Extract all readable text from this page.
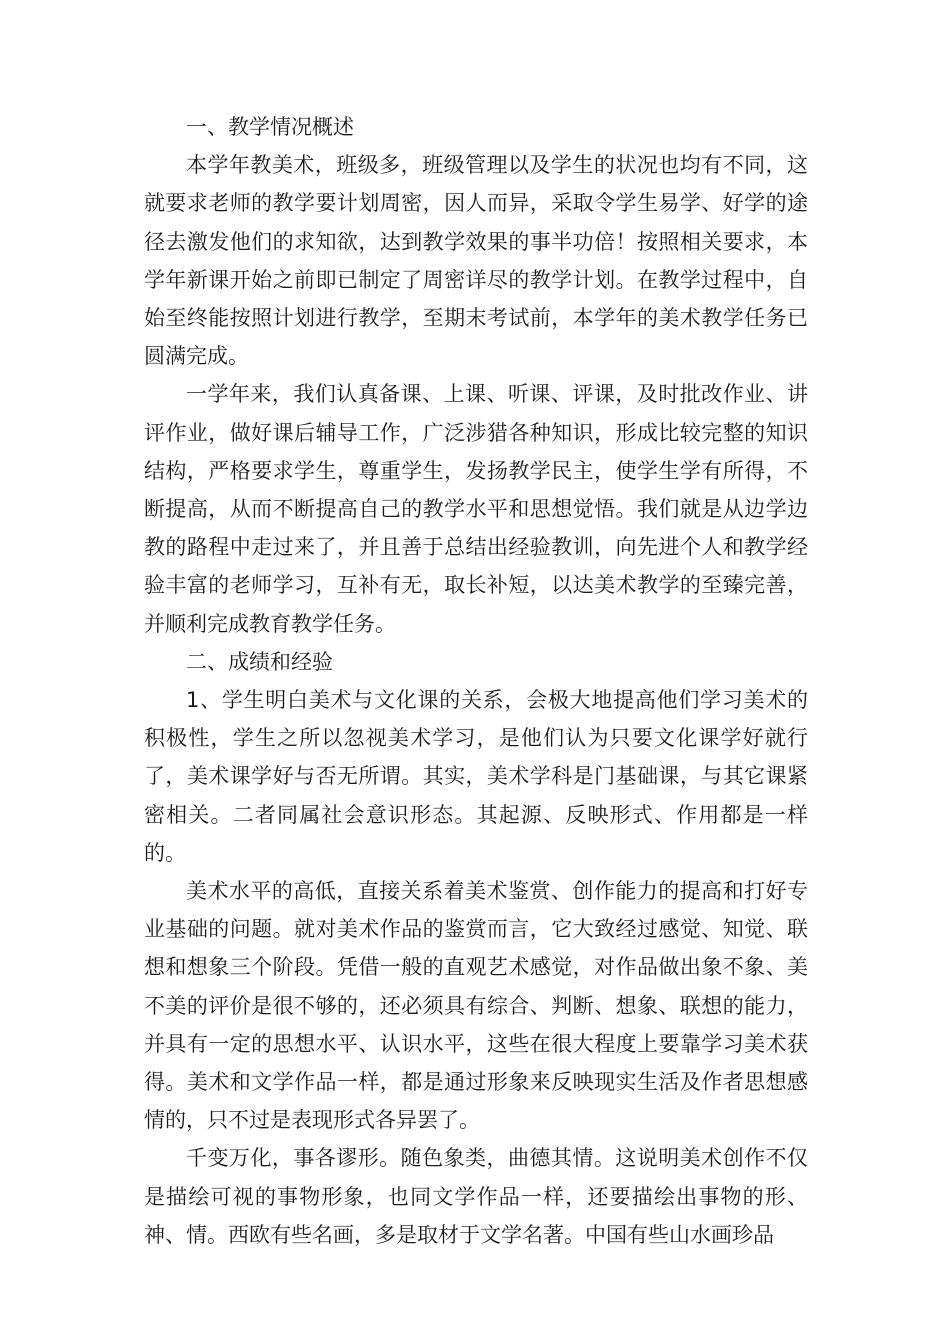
一、教学情况概述

本学年教美术，班级多，班级管理以及学生的状况也均有不同，这就要求老师的教学要计划周密，因人而异，采取令学生易学、好学的途径去激发他们的求知欲，达到教学效果的事半功倍！按照相关要求，本学年新课开始之前即已制定了周密详尽的教学计划。在教学过程中，自始至终能按照计划进行教学，至期末考试前，本学年的美术教学任务已圆满完成。

一学年来，我们认真备课、上课、听课、评课，及时批改作业、讲评作业，做好课后辅导工作，广泛涉猎各种知识，形成比较完整的知识结构，严格要求学生，尊重学生，发扬教学民主，使学生学有所得，不断提高，从而不断提高自己的教学水平和思想觉悟。我们就是从边学边教的路程中走过来了，并且善于总结出经验教训，向先进个人和教学经验丰富的老师学习，互补有无，取长补短，以达美术教学的至臻完善，并顺利完成教育教学任务。

二、成绩和经验

1、学生明白美术与文化课的关系，会极大地提高他们学习美术的积极性，学生之所以忽视美术学习，是他们认为只要文化课学好就行了，美术课学好与否无所谓。其实，美术学科是门基础课，与其它课紧密相关。二者同属社会意识形态。其起源、反映形式、作用都是一样的。

美术水平的高低，直接关系着美术鉴赏、创作能力的提高和打好专业基础的问题。就对美术作品的鉴赏而言，它大致经过感觉、知觉、联想和想象三个阶段。凭借一般的直观艺术感觉，对作品做出象不象、美不美的评价是很不够的，还必须具有综合、判断、想象、联想的能力，并具有一定的思想水平、认识水平，这些在很大程度上要靠学习美术获得。美术和文学作品一样，都是通过形象来反映现实生活及作者思想感情的，只不过是表现形式各异罢了。

千变万化，事各谬形。随色象类，曲德其情。这说明美术创作不仅是描绘可视的事物形象，也同文学作品一样，还要描绘出事物的形、神、情。西欧有些名画，多是取材于文学名著。中国有些山水画珍品
